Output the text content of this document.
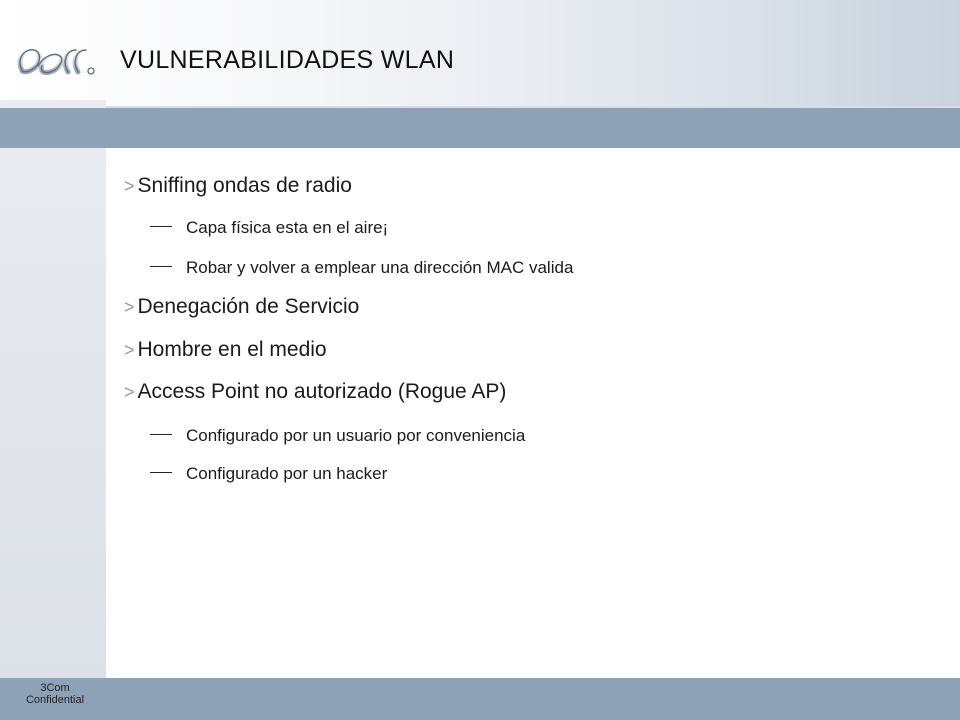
VULNERABILIDADES WLAN
> Sniffing ondas de radio
Capa física esta en el aire¡
Robar y volver a emplear una dirección MAC valida
> Denegación de Servicio
> Hombre en el medio
> Access Point no autorizado (Rogue AP)
Configurado por un usuario por conveniencia
Configurado por un hacker
3Com
Confidential
